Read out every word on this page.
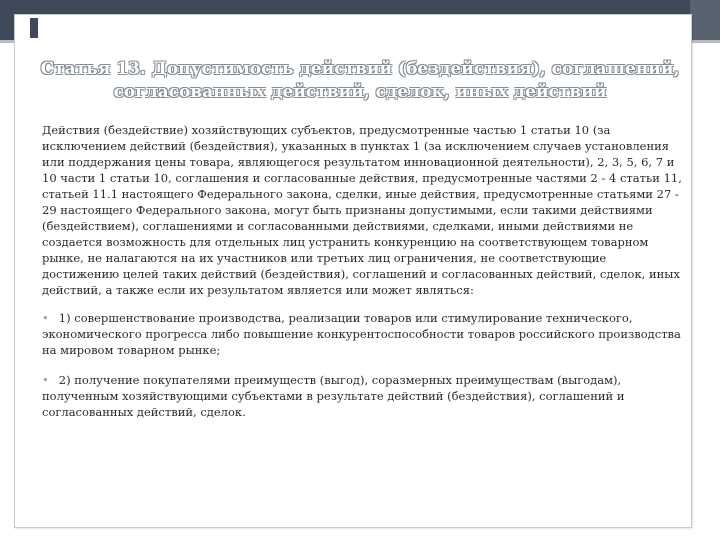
Статья 13. Допустимость действий (бездействия), соглашений, согласованных действий, сделок, иных действий

Действия (бездействие) хозяйствующих субъектов, предусмотренные частью 1 статьи 10 (за исключением действий (бездействия), указанных в пунктах 1 (за исключением случаев установления или поддержания цены товара, являющегося результатом инновационной деятельности), 2, 3, 5, 6, 7 и 10 части 1 статьи 10, соглашения и согласованные действия, предусмотренные частями 2 - 4 статьи 11, статьей 11.1 настоящего Федерального закона, сделки, иные действия, предусмотренные статьями 27 - 29 настоящего Федерального закона, могут быть признаны допустимыми, если такими действиями (бездействием), соглашениями и согласованными действиями, сделками, иными действиями не создается возможность для отдельных лиц устранить конкуренцию на соответствующем товарном рынке, не налагаются на их участников или третьих лиц ограничения, не соответствующие достижению целей таких действий (бездействия), соглашений и согласованных действий, сделок, иных действий, а также если их результатом является или может являться:

• 1) совершенствование производства, реализации товаров или стимулирование технического, экономического прогресса либо повышение конкурентоспособности товаров российского производства на мировом товарном рынке;
• 2) получение покупателями преимуществ (выгод), соразмерных преимуществам (выгодам), полученным хозяйствующими субъектами в результате действий (бездействия), соглашений и согласованных действий, сделок.
